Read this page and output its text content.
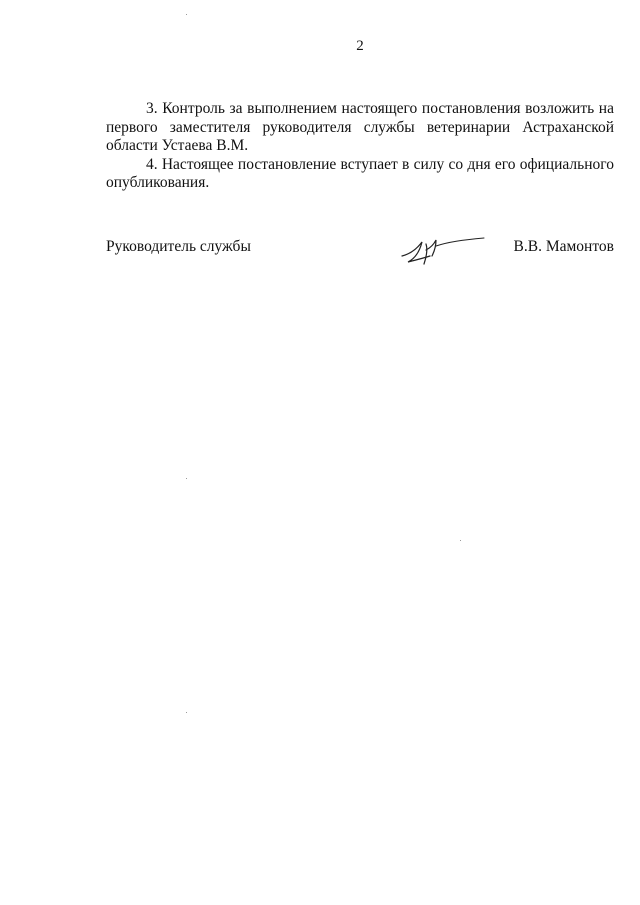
2

3. Контроль за выполнением настоящего постановления возложить на первого заместителя руководителя службы ветеринарии Астраханской области Устаева В.М.

4. Настоящее постановление вступает в силу со дня его официального опубликования.

Руководитель службы	В.В. Мамонтов
